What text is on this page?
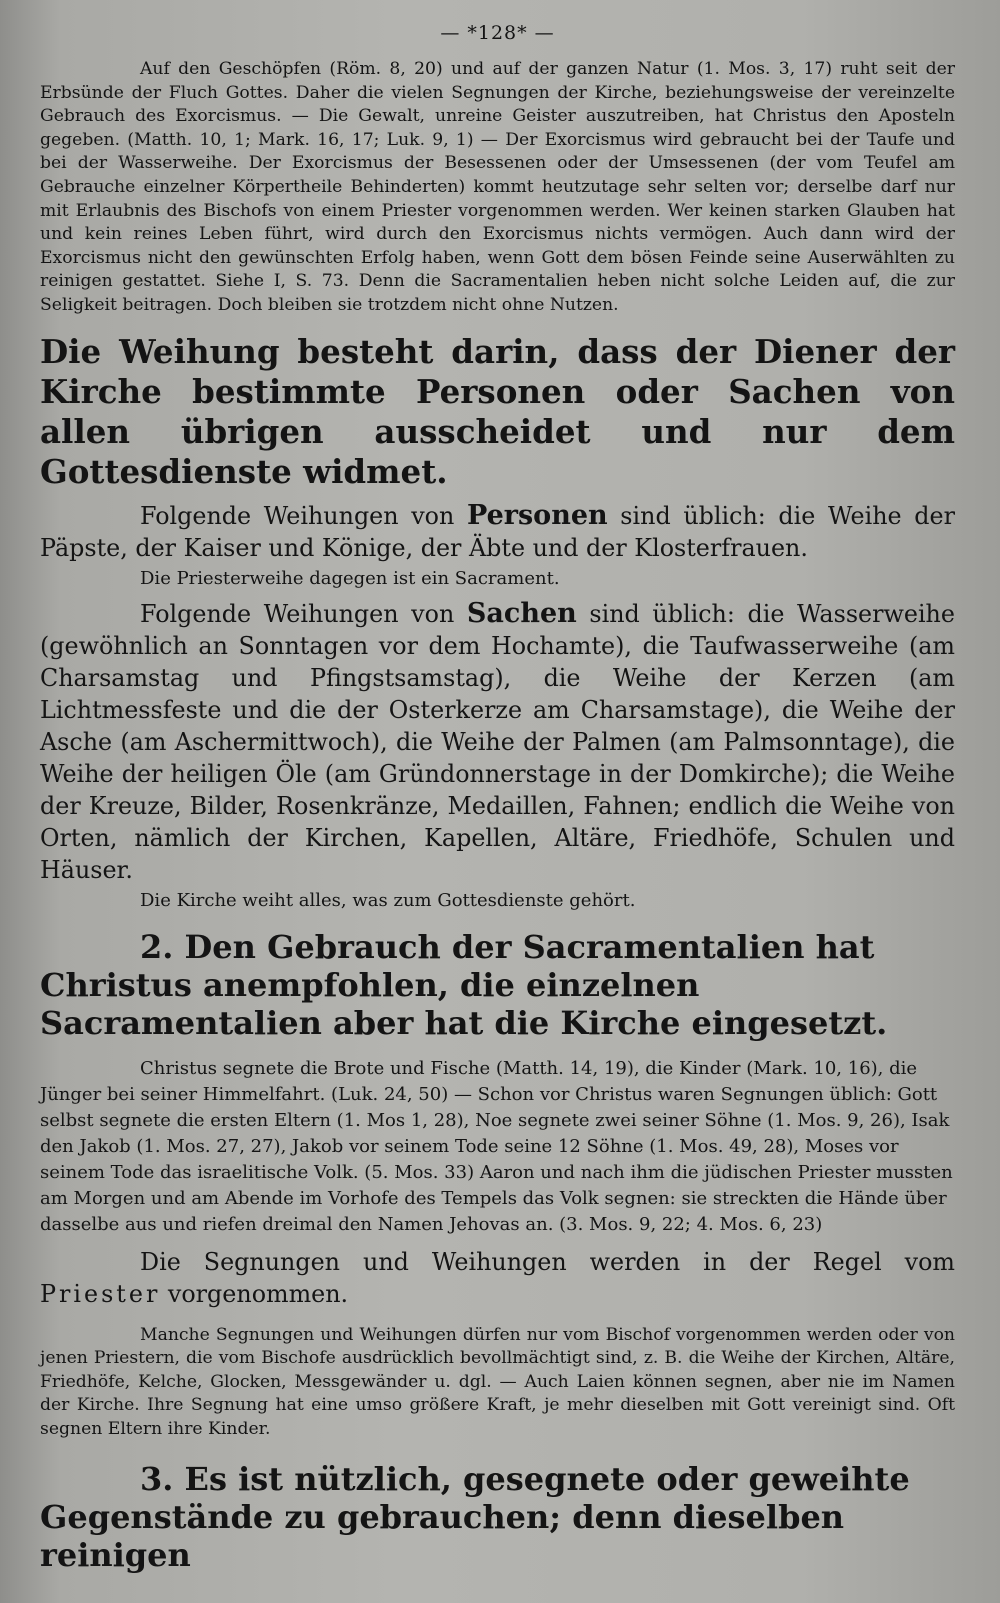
— *128* —

Auf den Geschöpfen (Röm. 8, 20) und auf der ganzen Natur (1. Mos. 3, 17) ruht seit der Erbsünde der Fluch Gottes. Daher die vielen Segnungen der Kirche, beziehungsweise der vereinzelte Gebrauch des Exorcismus. — Die Gewalt, unreine Geister auszutreiben, hat Christus den Aposteln gegeben. (Matth. 10, 1; Mark. 16, 17; Luk. 9, 1) — Der Exorcismus wird gebraucht bei der Taufe und bei der Wasserweihe. Der Exorcismus der Besessenen oder der Umsessenen (der vom Teufel am Gebrauche einzelner Körpertheile Behinderten) kommt heutzutage sehr selten vor; derselbe darf nur mit Erlaubnis des Bischofs von einem Priester vorgenommen werden. Wer keinen starken Glauben hat und kein reines Leben führt, wird durch den Exorcismus nichts vermögen. Auch dann wird der Exorcismus nicht den gewünschten Erfolg haben, wenn Gott dem bösen Feinde seine Auserwählten zu reinigen gestattet. Siehe I, S. 73. Denn die Sacramentalien heben nicht solche Leiden auf, die zur Seligkeit beitragen. Doch bleiben sie trotzdem nicht ohne Nutzen.

Die Weihung besteht darin, dass der Diener der Kirche bestimmte Personen oder Sachen von allen übrigen ausscheidet und nur dem Gottesdienste widmet.

Folgende Weihungen von Personen sind üblich: die Weihe der Päpste, der Kaiser und Könige, der Äbte und der Klosterfrauen.

Die Priesterweihe dagegen ist ein Sacrament.

Folgende Weihungen von Sachen sind üblich: die Wasserweihe (gewöhnlich an Sonntagen vor dem Hochamte), die Taufwasserweihe (am Charsamstag und Pfingstsamstag), die Weihe der Kerzen (am Lichtmessfeste und die der Osterkerze am Charsamstage), die Weihe der Asche (am Aschermittwoch), die Weihe der Palmen (am Palmsonntage), die Weihe der heiligen Öle (am Gründonnerstage in der Domkirche); die Weihe der Kreuze, Bilder, Rosenkränze, Medaillen, Fahnen; endlich die Weihe von Orten, nämlich der Kirchen, Kapellen, Altäre, Friedhöfe, Schulen und Häuser.

Die Kirche weiht alles, was zum Gottesdienste gehört.

2. Den Gebrauch der Sacramentalien hat Christus anempfohlen, die einzelnen Sacramentalien aber hat die Kirche eingesetzt.

Christus segnete die Brote und Fische (Matth. 14, 19), die Kinder (Mark. 10, 16), die Jünger bei seiner Himmelfahrt. (Luk. 24, 50) — Schon vor Christus waren Segnungen üblich: Gott selbst segnete die ersten Eltern (1. Mos 1, 28), Noe segnete zwei seiner Söhne (1. Mos. 9, 26), Isak den Jakob (1. Mos. 27, 27), Jakob vor seinem Tode seine 12 Söhne (1. Mos. 49, 28), Moses vor seinem Tode das israelitische Volk. (5. Mos. 33) Aaron und nach ihm die jüdischen Priester mussten am Morgen und am Abende im Vorhofe des Tempels das Volk segnen: sie streckten die Hände über dasselbe aus und riefen dreimal den Namen Jehovas an. (3. Mos. 9, 22; 4. Mos. 6, 23)

Die Segnungen und Weihungen werden in der Regel vom Priester vorgenommen.

Manche Segnungen und Weihungen dürfen nur vom Bischof vorgenommen werden oder von jenen Priestern, die vom Bischofe ausdrücklich bevollmächtigt sind, z. B. die Weihe der Kirchen, Altäre, Friedhöfe, Kelche, Glocken, Messgewänder u. dgl. — Auch Laien können segnen, aber nie im Namen der Kirche. Ihre Segnung hat eine umso größere Kraft, je mehr dieselben mit Gott vereinigt sind. Oft segnen Eltern ihre Kinder.

3. Es ist nützlich, gesegnete oder geweihte Gegenstände zu gebrauchen; denn dieselben reinigen
